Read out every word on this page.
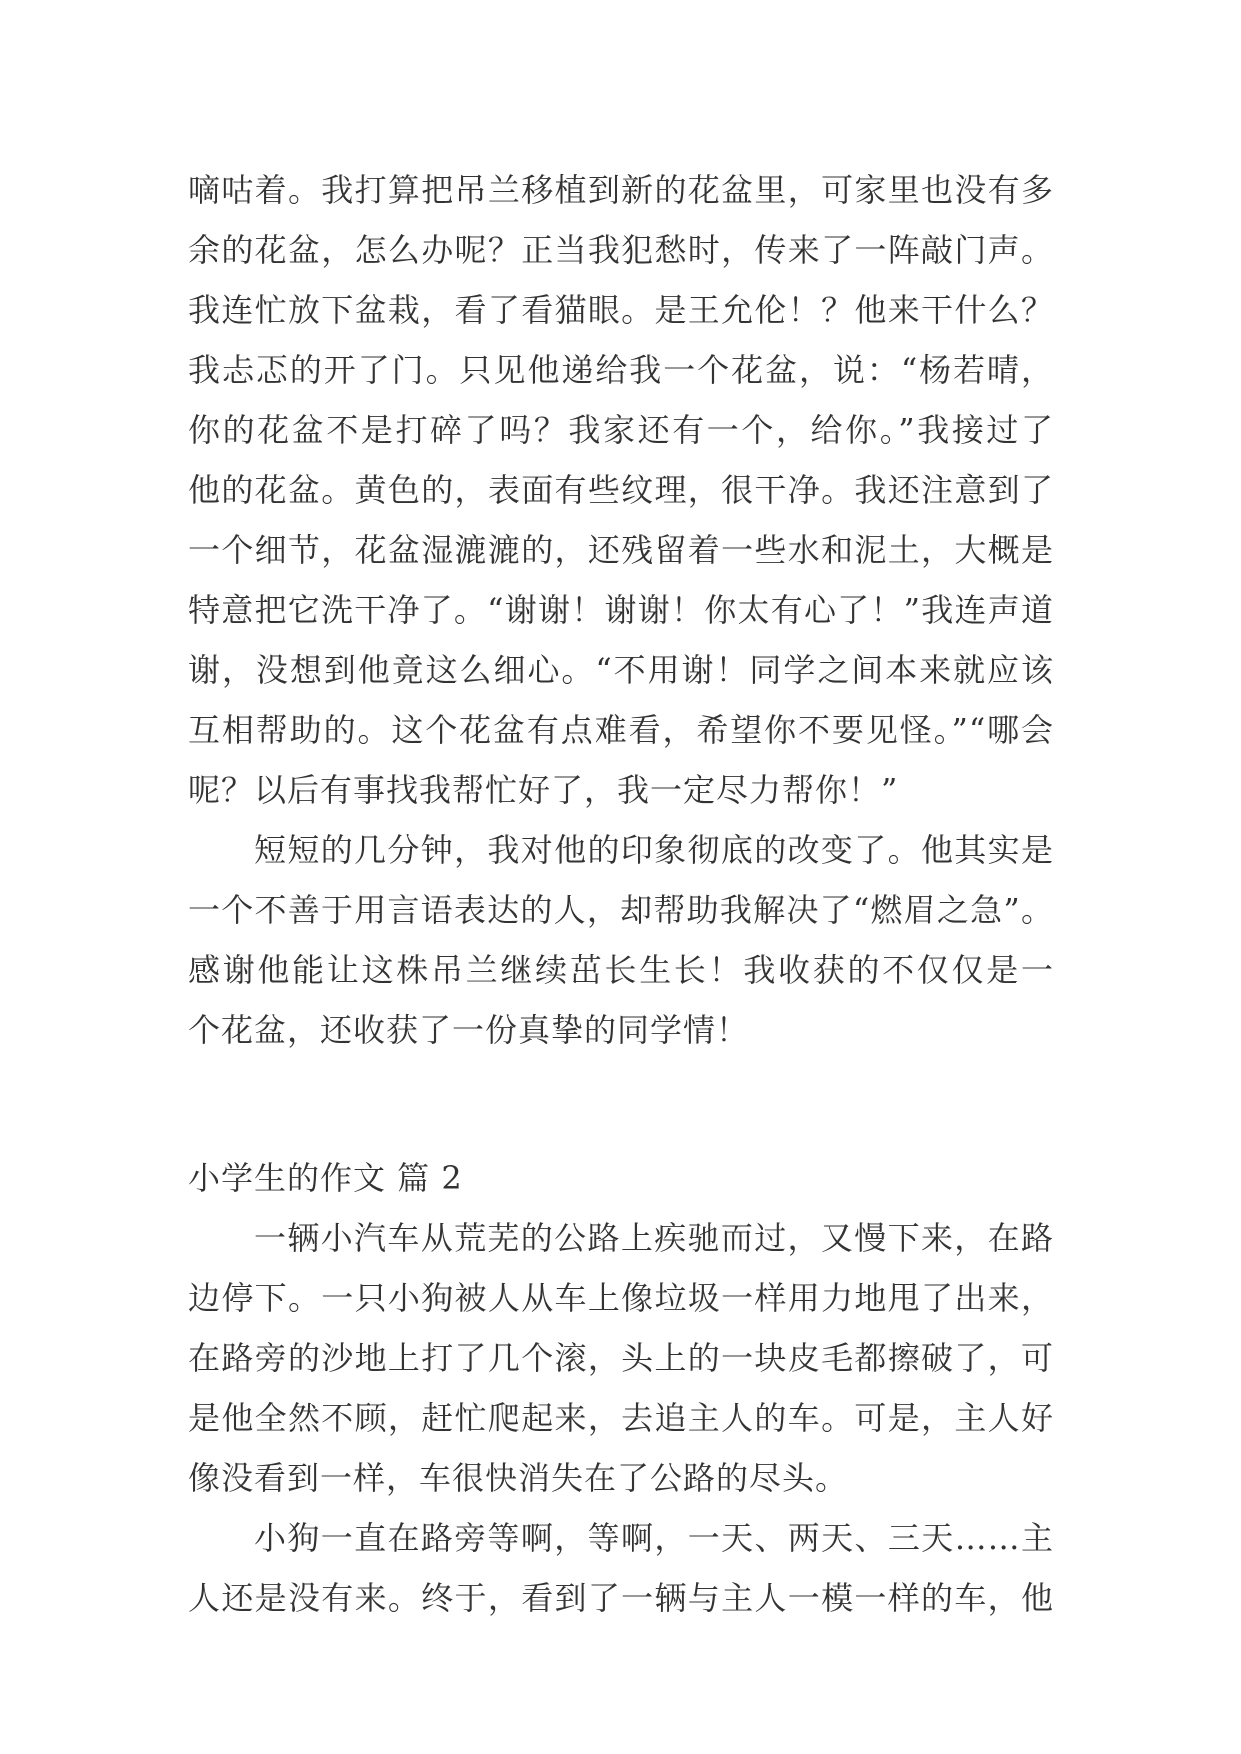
嘀咕着。我打算把吊兰移植到新的花盆里，可家里也没有多
余的花盆，怎么办呢？正当我犯愁时，传来了一阵敲门声。
我连忙放下盆栽，看了看猫眼。是王允伦！？他来干什么？
我忐忑的开了门。只见他递给我一个花盆，说：“杨若晴，
你的花盆不是打碎了吗？我家还有一个，给你。”我接过了
他的花盆。黄色的，表面有些纹理，很干净。我还注意到了
一个细节，花盆湿漉漉的，还残留着一些水和泥土，大概是
特意把它洗干净了。“谢谢！谢谢！你太有心了！”我连声道
谢，没想到他竟这么细心。“不用谢！同学之间本来就应该
互相帮助的。这个花盆有点难看，希望你不要见怪。”“哪会
呢？以后有事找我帮忙好了，我一定尽力帮你！”
短短的几分钟，我对他的印象彻底的改变了。他其实是
一个不善于用言语表达的人，却帮助我解决了“燃眉之急”。
感谢他能让这株吊兰继续茁长生长！我收获的不仅仅是一
个花盆，还收获了一份真挚的同学情！
小学生的作文 篇 2
一辆小汽车从荒芜的公路上疾驰而过，又慢下来，在路
边停下。一只小狗被人从车上像垃圾一样用力地甩了出来，
在路旁的沙地上打了几个滚，头上的一块皮毛都擦破了，可
是他全然不顾，赶忙爬起来，去追主人的车。可是，主人好
像没看到一样，车很快消失在了公路的尽头。
小狗一直在路旁等啊，等啊，一天、两天、三天……主
人还是没有来。终于，看到了一辆与主人一模一样的车，他
